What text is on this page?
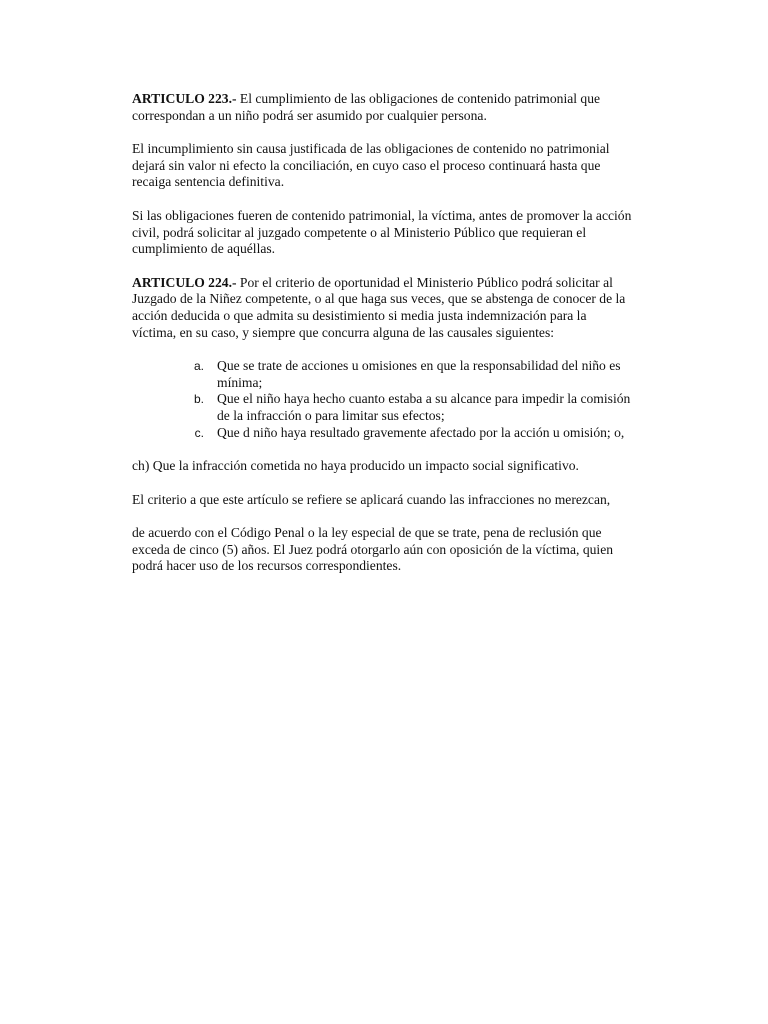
ARTICULO 223.- El cumplimiento de las obligaciones de contenido patrimonial que correspondan a un niño podrá ser asumido por cualquier persona.

El incumplimiento sin causa justificada de las obligaciones de contenido no patrimonial dejará sin valor ni efecto la conciliación, en cuyo caso el proceso continuará hasta que recaiga sentencia definitiva.

Si las obligaciones fueren de contenido patrimonial, la víctima, antes de promover la acción civil, podrá solicitar al juzgado competente o al Ministerio Público que requieran el cumplimiento de aquéllas.

ARTICULO 224.- Por el criterio de oportunidad el Ministerio Público podrá solicitar al Juzgado de la Niñez competente, o al que haga sus veces, que se abstenga de conocer de la acción deducida o que admita su desistimiento si media justa indemnización para la víctima, en su caso, y siempre que concurra alguna de las causales siguientes:

a. Que se trate de acciones u omisiones en que la responsabilidad del niño es mínima;
b. Que el niño haya hecho cuanto estaba a su alcance para impedir la comisión de la infracción o para limitar sus efectos;
c. Que d niño haya resultado gravemente afectado por la acción u omisión; o,

ch) Que la infracción cometida no haya producido un impacto social significativo.

El criterio a que este artículo se refiere se aplicará cuando las infracciones no merezcan,

de acuerdo con el Código Penal o la ley especial de que se trate, pena de reclusión que exceda de cinco (5) años. El Juez podrá otorgarlo aún con oposición de la víctima, quien podrá hacer uso de los recursos correspondientes.
